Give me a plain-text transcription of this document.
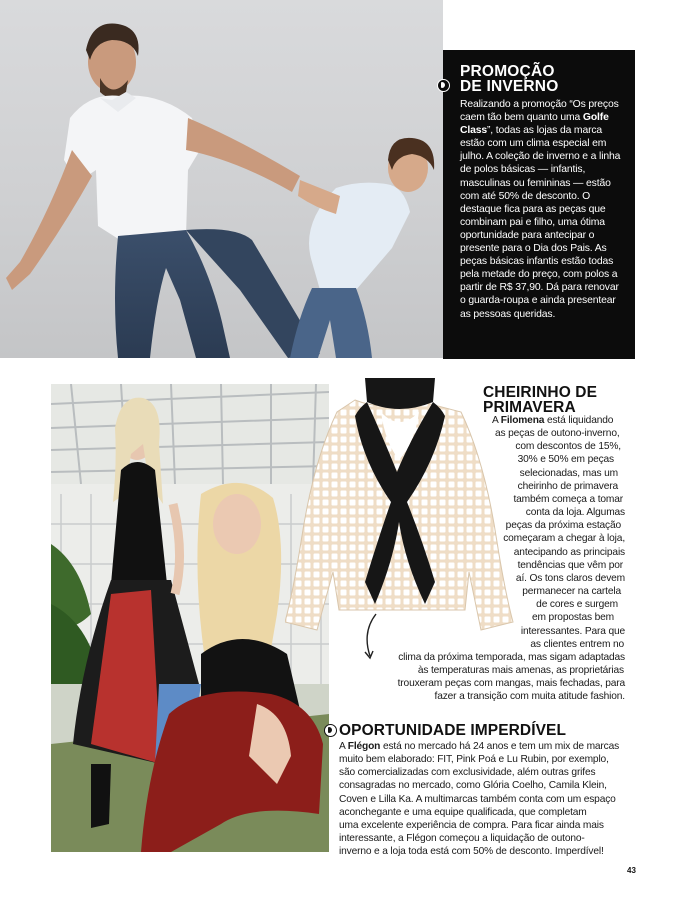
PROMOÇÃO
DE INVERNO

Realizando a promoção “Os preços caem tão bem quanto uma Golfe Class”, todas as lojas da marca estão com um clima especial em julho. A coleção de inverno e a linha de polos básicas — infantis, masculinas ou femininas — estão com até 50% de desconto. O destaque fica para as peças que combinam pai e filho, uma ótima oportunidade para antecipar o presente para o Dia dos Pais. As peças básicas infantis estão todas pela metade do preço, com polos a partir de R$ 37,90. Dá para renovar o guarda-roupa e ainda presentear as pessoas queridas.

CHEIRINHO DE
PRIMAVERA
A Filomena está liquidando
as peças de outono-inverno,
com descontos de 15%,
30% e 50% em peças
selecionadas, mas um
cheirinho de primavera
também começa a tomar
conta da loja. Algumas
peças da próxima estação
começaram a chegar à loja,
antecipando as principais
tendências que vêm por
aí. Os tons claros devem
permanecer na cartela
de cores e surgem
em propostas bem
interessantes. Para que
as clientes entrem no
clima da próxima temporada, mas sigam adaptadas
às temperaturas mais amenas, as proprietárias
trouxeram peças com mangas, mais fechadas, para
fazer a transição com muita atitude fashion.
OPORTUNIDADE IMPERDÍVEL
A Flégon está no mercado há 24 anos e tem um mix de marcas
muito bem elaborado: FIT, Pink Poá e Lu Rubin, por exemplo,
são comercializadas com exclusividade, além outras grifes
consagradas no mercado, como Glória Coelho, Camila Klein,
Coven e Lilla Ka. A multimarcas também conta com um espaço
aconchegante e uma equipe qualificada, que completam
uma excelente experiência de compra. Para ficar ainda mais
interessante, a Flégon começou a liquidação de outono-
inverno e a loja toda está com 50% de desconto. Imperdível!
43
